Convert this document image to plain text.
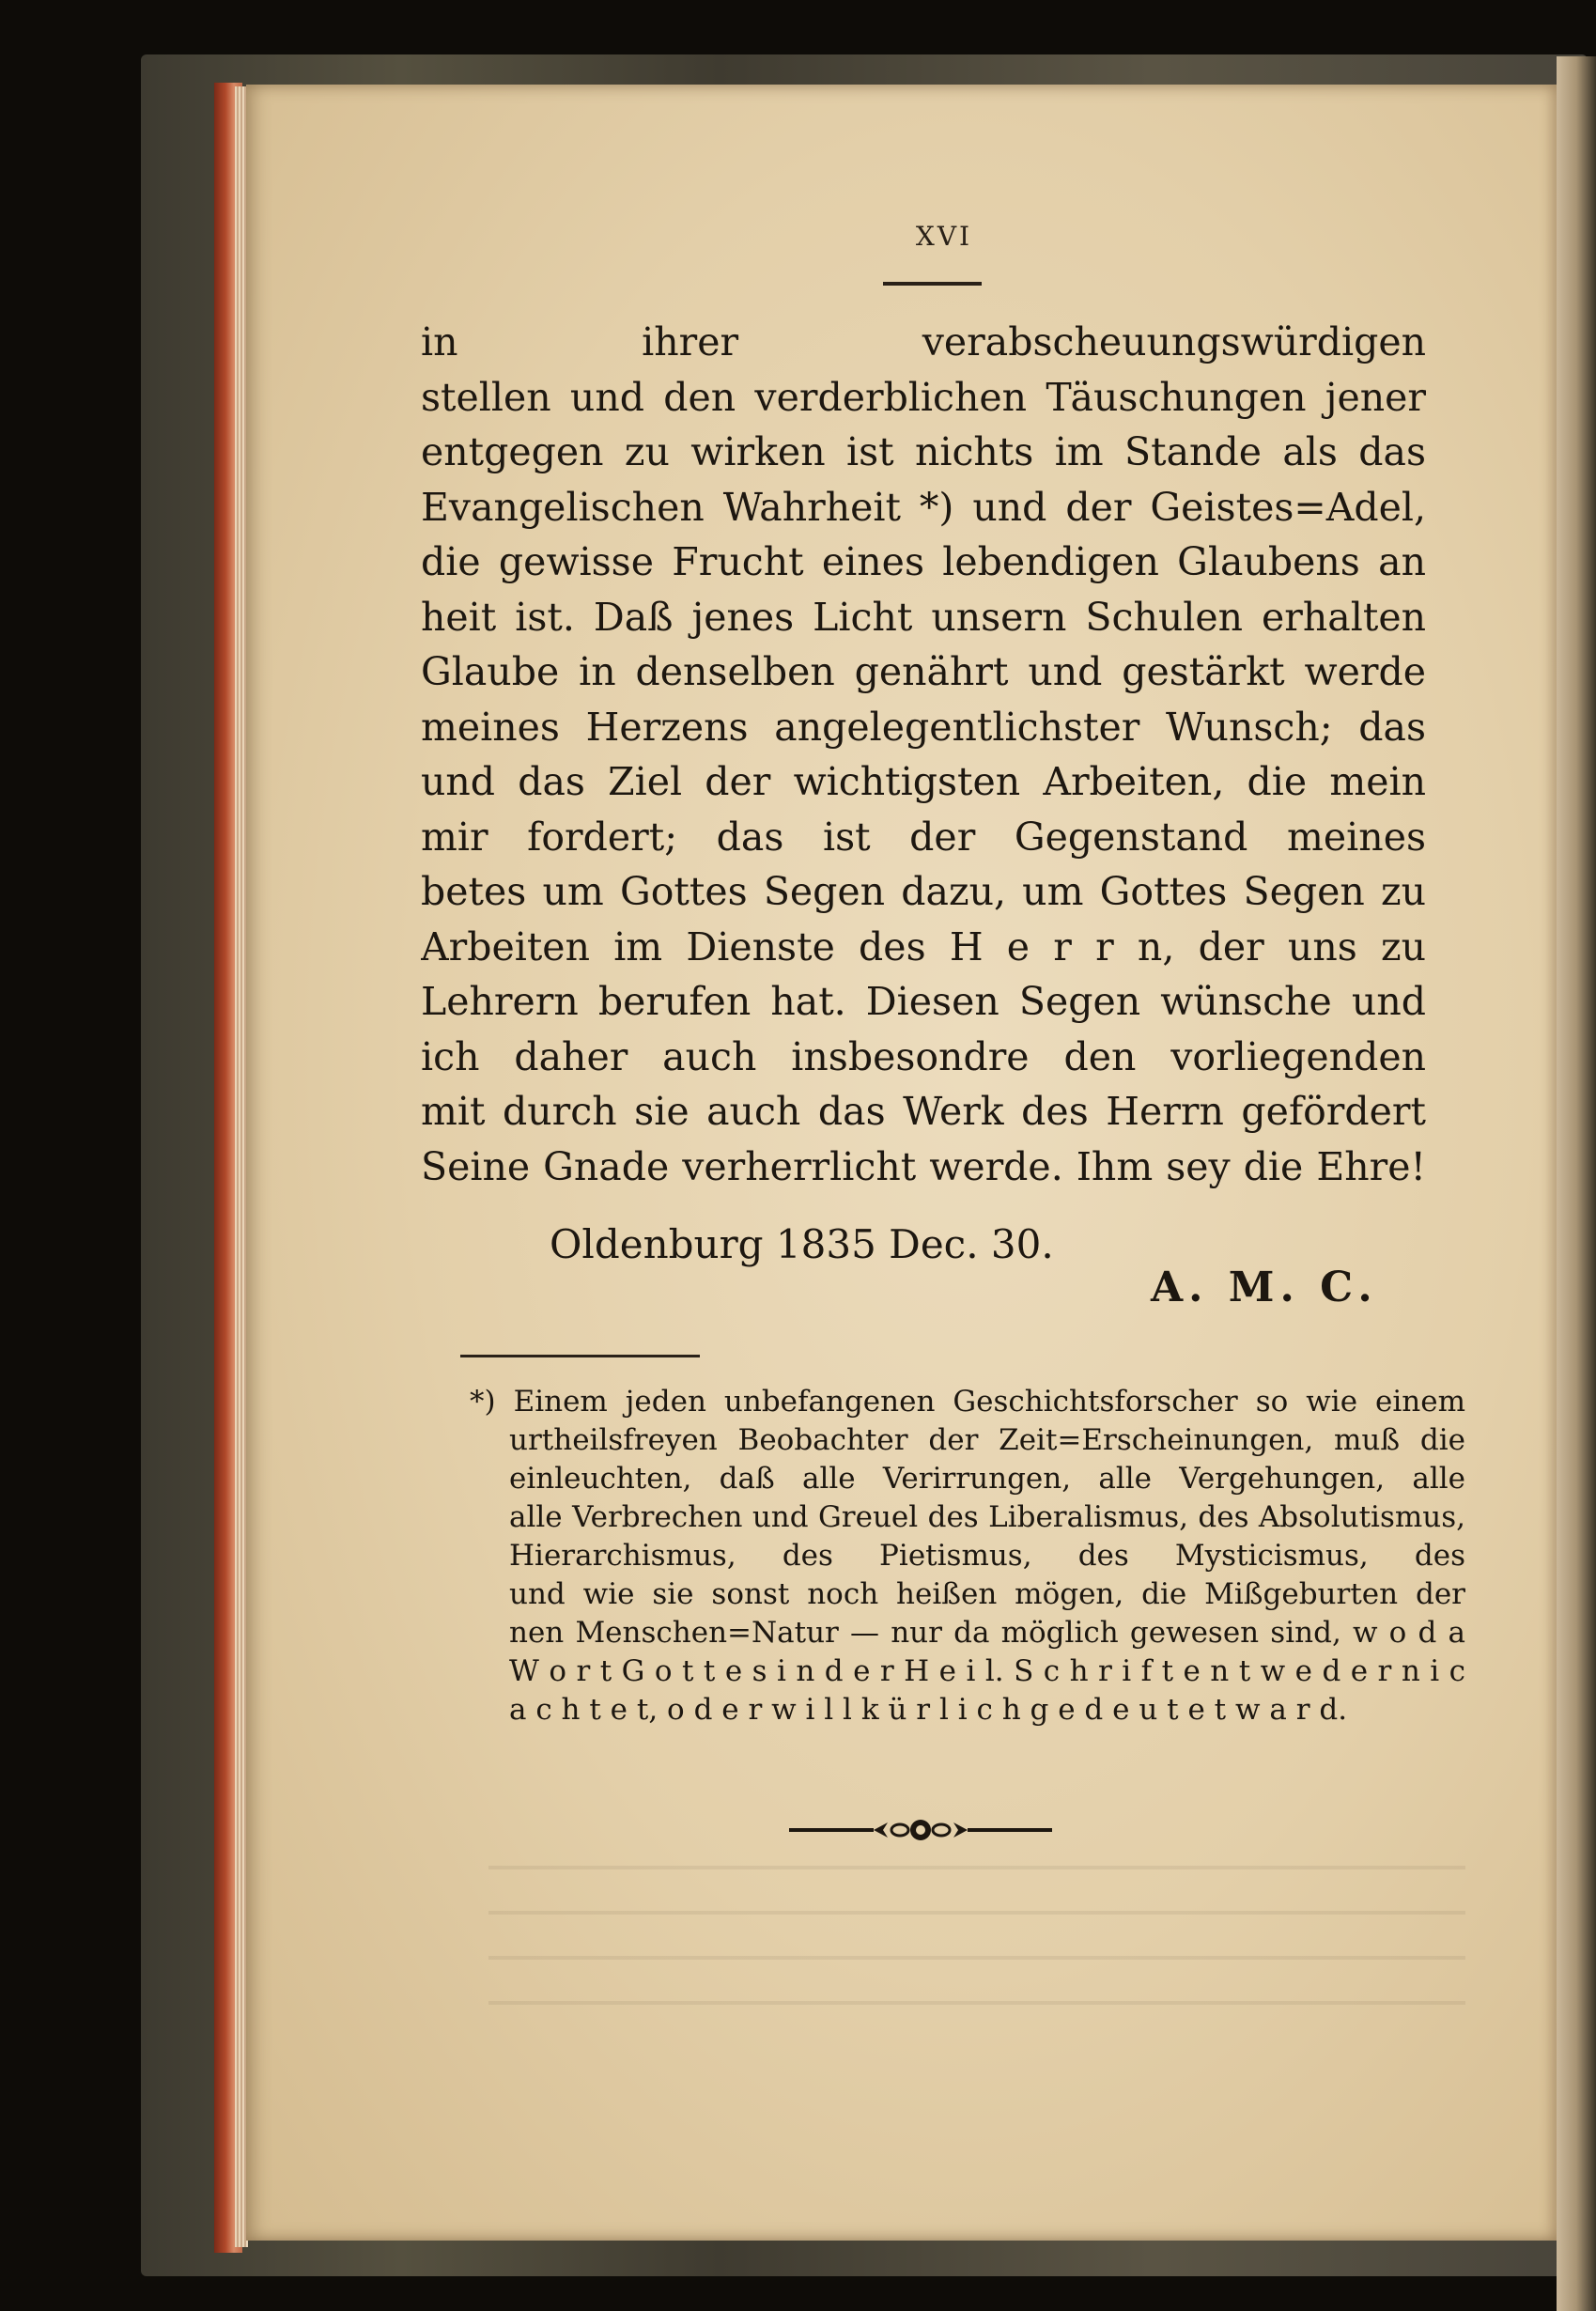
XVI
in ihrer verabscheuungswürdigen
stellen und den verderblichen Täuschungen jener
entgegen zu wirken ist nichts im Stande als das
Evangelischen Wahrheit *) und der Geistes=Adel,
die gewisse Frucht eines lebendigen Glaubens an
heit ist. Daß jenes Licht unsern Schulen erhalten
Glaube in denselben genährt und gestärkt werde
meines Herzens angelegentlichster Wunsch; das
und das Ziel der wichtigsten Arbeiten, die mein
mir fordert; das ist der Gegenstand meines
betes um Gottes Segen dazu, um Gottes Segen zu
Arbeiten im Dienste des H e r r n, der uns zu
Lehrern berufen hat. Diesen Segen wünsche und
ich daher auch insbesondre den vorliegenden
mit durch sie auch das Werk des Herrn gefördert
Seine Gnade verherrlicht werde. Ihm sey die Ehre!
Oldenburg 1835 Dec. 30.
A. M. C.
*) Einem jeden unbefangenen Geschichtsforscher so wie einem
urtheilsfreyen Beobachter der Zeit=Erscheinungen, muß die
einleuchten, daß alle Verirrungen, alle Vergehungen, alle
alle Verbrechen und Greuel des Liberalismus, des Absolutismus,
Hierarchismus, des Pietismus, des Mysticismus, des
und wie sie sonst noch heißen mögen, die Mißgeburten der
nen Menschen=Natur — nur da möglich gewesen sind, w o d a
W o r t G o t t e s i n d e r H e i l. S c h r i f t e n t w e d e r n i c
a c h t e t, o d e r w i l l k ü r l i c h g e d e u t e t w a r d.
